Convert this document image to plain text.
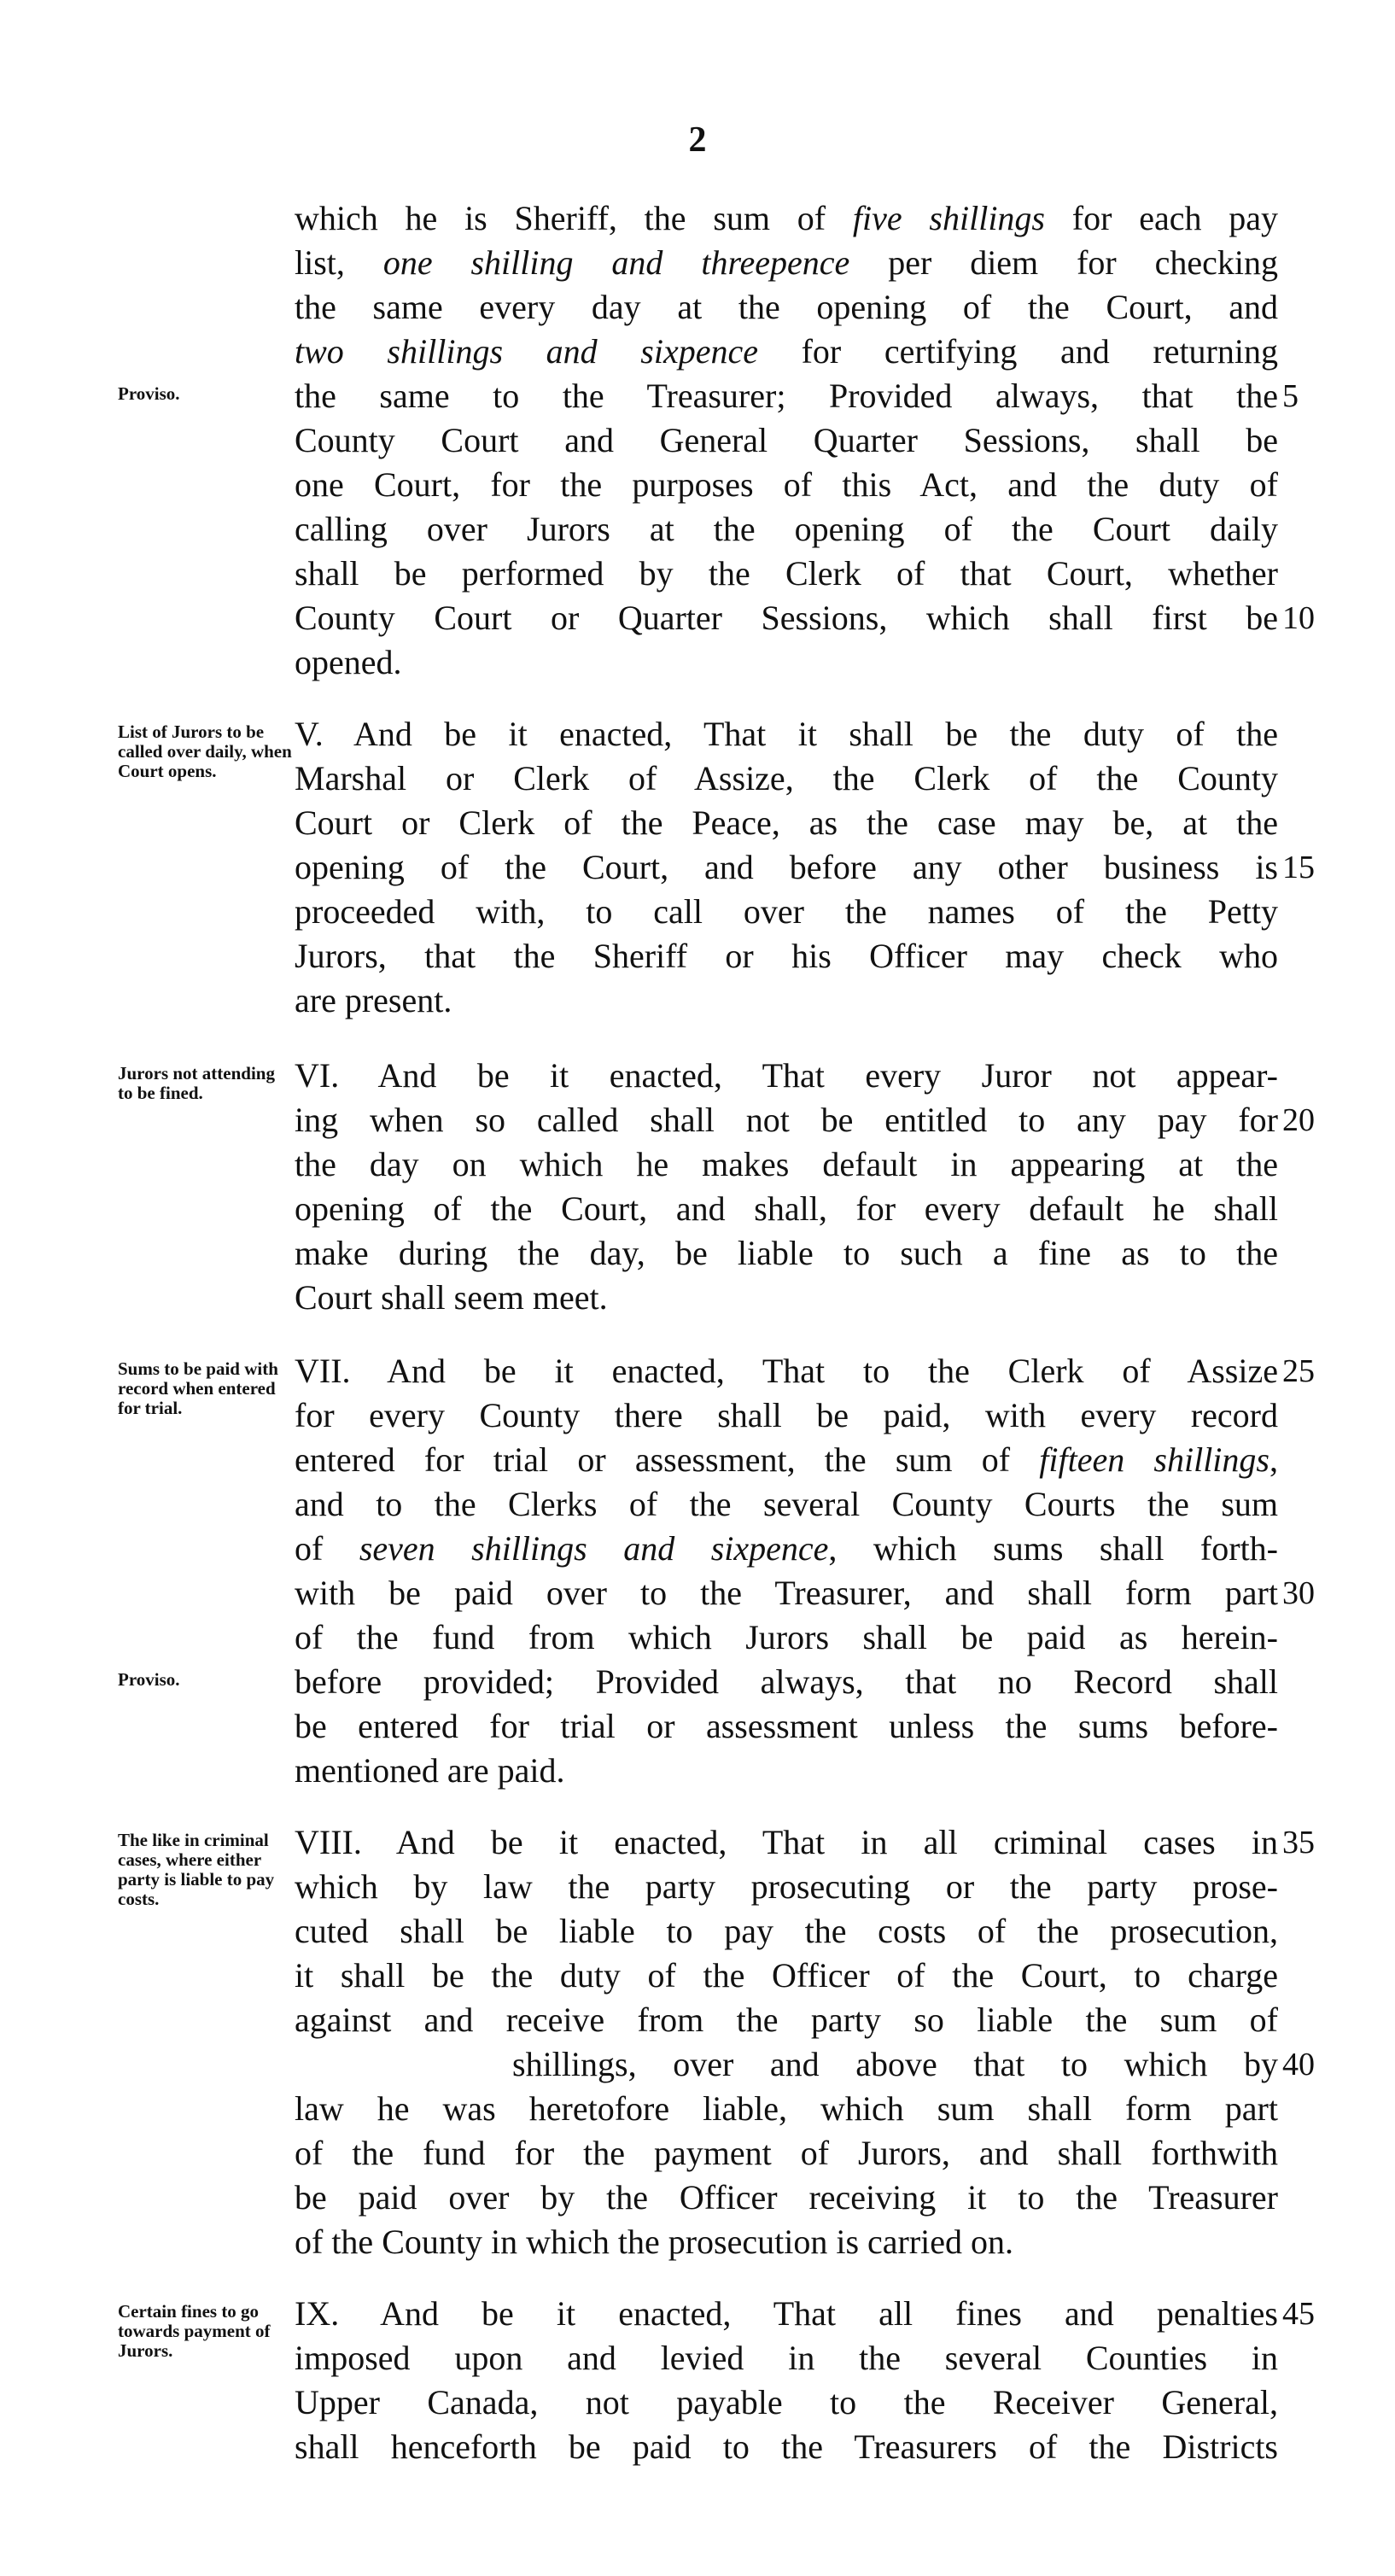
2
which he is Sheriff, the sum of five shillings for each pay
list, one shilling and threepence per diem for checking
the same every day at the opening of the Court, and
two shillings and sixpence for certifying and returning
the same to the Treasurer; Provided always, that the
County Court and General Quarter Sessions, shall be
one Court, for the purposes of this Act, and the duty of
calling over Jurors at the opening of the Court daily
shall be performed by the Clerk of that Court, whether
County Court or Quarter Sessions, which shall first be
opened.
Proviso.	5
10
List of Jurors to be called over daily, when Court opens.
V. And be it enacted, That it shall be the duty of the
Marshal or Clerk of Assize, the Clerk of the County
Court or Clerk of the Peace, as the case may be, at the
opening of the Court, and before any other business is
proceeded with, to call over the names of the Petty
Jurors, that the Sheriff or his Officer may check who
are present.
15
Jurors not attending to be fined.	VI. And be it enacted, That every Juror not appear-
ing when so called shall not be entitled to any pay for
the day on which he makes default in appearing at the
opening of the Court, and shall, for every default he shall
make during the day, be liable to such a fine as to the
Court shall seem meet.
20
Sums to be paid with record when entered for trial.
VII. And be it enacted, That to the Clerk of Assize
for every County there shall be paid, with every record
entered for trial or assessment, the sum of fifteen shillings,
and to the Clerks of the several County Courts the sum
of seven shillings and sixpence, which sums shall forth-
with be paid over to the Treasurer, and shall form part
of the fund from which Jurors shall be paid as herein-
before provided; Provided always, that no Record shall
be entered for trial or assessment unless the sums before-
mentioned are paid.
Proviso.
25
30
The like in criminal cases, where either party is liable to pay costs.
VIII. And be it enacted, That in all criminal cases in
which by law the party prosecuting or the party prose-
cuted shall be liable to pay the costs of the prosecution,
it shall be the duty of the Officer of the Court, to charge
against and receive from the party so liable the sum of
shillings, over and above that to which by
law he was heretofore liable, which sum shall form part
of the fund for the payment of Jurors, and shall forthwith
be paid over by the Officer receiving it to the Treasurer
of the County in which the prosecution is carried on.
35
40
Certain fines to go towards payment of Jurors.
IX. And be it enacted, That all fines and penalties
imposed upon and levied in the several Counties in
Upper Canada, not payable to the Receiver General,
shall henceforth be paid to the Treasurers of the Districts
45
